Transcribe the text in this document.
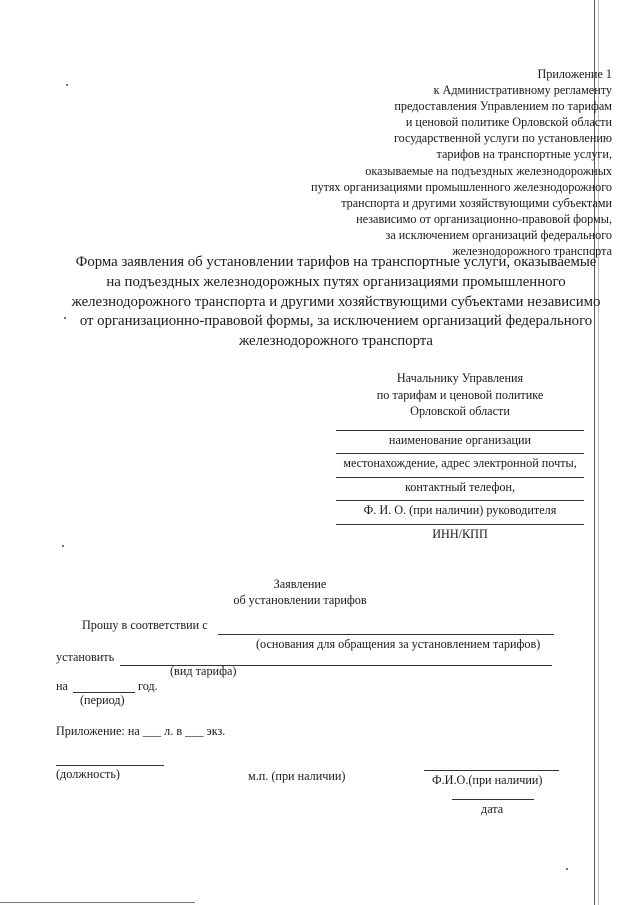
Приложение 1
к Административному регламенту
предоставления Управлением по тарифам
и ценовой политике Орловской области
государственной услуги по установлению
тарифов на транспортные услуги,
оказываемые на подъездных железнодорожных
путях организациями промышленного железнодорожного
транспорта и другими хозяйствующими субъектами
независимо от организационно-правовой формы,
за исключением организаций федерального
железнодорожного транспорта
Форма заявления об установлении тарифов на транспортные услуги, оказываемые
на подъездных железнодорожных путях организациями промышленного
железнодорожного транспорта и другими хозяйствующими субъектами независимо
от организационно-правовой формы, за исключением организаций федерального
железнодорожного транспорта
Начальнику Управления
по тарифам и ценовой политике
Орловской области
наименование организации
местонахождение, адрес электронной почты,
контактный телефон,
Ф. И. О. (при наличии) руководителя
ИНН/КПП
Заявление
об установлении тарифов
Прошу в соответствии с
(основания для обращения за установлением тарифов)
установить
(вид тарифа)
на	год.
(период)
Приложение: на ___ л. в ___ экз.
(должность)	м.п. (при наличии)	Ф.И.О.(при наличии)
дата
